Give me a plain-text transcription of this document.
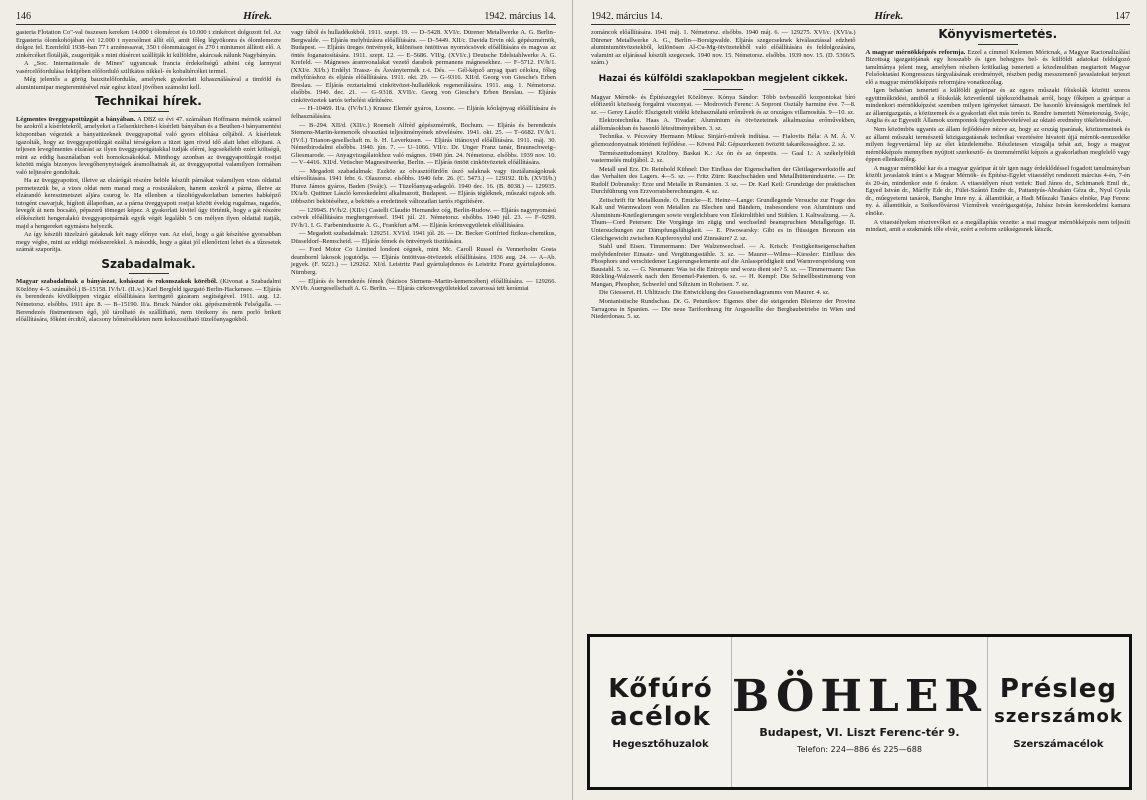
146	Hírek.	1942. március 14.

gasteria Flotation Co"-val összesen kereken 14.000 t ólomércet és 10.000 t zinkércet dolgozott fel. Az Ergasteria ólomkohójában évi 12.000 t nyersólmot állít elő, amit főleg légyökonra és ólomlemezre dolgoz fel. Ezenfelül 1938–ban 77 t arzénessavat, 350 t ólommázagot és 270 t miniumot állított elő. A zinkércéket flotálják, zsugorítják s mint dúsércet szállítják ki külföldre, akárcsak nálunk Nagybányán.

A „Soc. Internationale de Mines" ugyancsak francia érdekeltségű athéni cég larmyrai vasércelőfordulása feküjében előforduló szilikátos nikkel- és kobaltércéket termel.

Még jelentős a görög bauxitelőfordulás, amelynek gyakorlati kihasználásával a timföld és aluminiumipar megteremtésével már egész közel jövőben számolni kell.

Technikai hírek.

Légmentes üveggyapottűzgát a bányában. A DBZ ez évi 47. számában Hoffmann mérnök számol be azokról a kísérletekről, amelyeket a Gelsenkirchen-i kísérleti bányában és a Beuthen-i bányamentési központban végeztek a bányatüzeknek üveggyapottal való gyors elöltása céljából. A kísérletek igazolták, hogy az üveggyapottűzgát ezáltal térségeken a tüzet igen rövid idő alatt lehet elfojtani. A teljesen levegőmentes elzárást az ilyen üveggyapotgátakkal tudják elérni, legcsekélebb ezért költségű, mint az eddig használatban volt homokzsákokkal. Minthogy azonban az üveggyapottűzgát rostjai közötti mégis bizonyos levegőhenynyiségek áramolhatnak át, az üveggyapottal valamilyen formában való teljtesére gondoltak.

Ha az üveggyapottot, illetve az elzárógát részére belöle készült párnákat valamilyen vizes oldattal permetezzük be, a vizes oldat nem marad meg a rostszálakon, hanem azokról a párna, illetve az elzárandó keresztmetszet aljára csurog le. Ha ellenben a tűzoltógyakorlatban ismertes habképző tutogént csavarjuk, hígított állapotban, az a párna üveggyapott rostjai között évekig rugalmas, ragadós, levegőt át nem bocsátó, pépszerű tömeget képez. A gyakorlati kivitel úgy történik, hogy a gát részére előkészített hengeralakú üveggyapotpárnák egyik végét legalább 5 cm mélyen ilyen oldattal itatják, majd a hengereket egymásra helyezik.

Az így készült tüzelzáró gátaknak két nagy előnye van. Az első, hogy a gát készítése gyorsabban megy végbe, mint az eddigi módszerekkel. A második, hogy a gátat jól ellenőrizni lehet és a tűzesetek számát szaporítja.

Szabadalmak.

Magyar szabadalmak a bányászat, kohászat és rokonszakok köréből. (Kivonat a Szabadalmi Közlöny 4–5. számából.) B–15158. IV/h/1. (II./e.) Karl Bergfeld igazgató Berlin-Hackensee. — Eljárás és berendezés kívülképpen vízgáz előállítására keringető gázáram segítségével. 1911. aug. 12. Németorsz. elsőbbs. 1911 ápr. 8. — B–15190. II/a. Bruck Nándor oki. gépészmérnök Felsőgalla. — Berendezés füstmentesen égő, jól tárolható és szállítható, nem törékeny és nem porló brikett előállítására, főként ércdtól, alacsony hőmérsékleten nem kokszosítható tüzelőanyagokból.

vagy fából és hulladékokból. 1911. szept. 19. — D–5428. XVI/c. Dürener Metallwerke A. G. Berlin–Bergwalde. — Eljárás melyhúzásra előállítására. — D–5449. XII/c. Davida Ervin okl. gépészmérnök, Budapest. — Eljárás üreges öntvények, különösen öntöttvas nyomócsövek előállítására és magvas az öntés foganatosítására. 1911. szept. 12. — E–5686. VII/g. (XVI/c.) Deutsche Edelstahlwerke A. G. Krefeld. — Mágneses áramvonalakat vezető darabok permanens mágnesekhez. — F–5712. IV/h/1. (XXI/e. XI/b.) Erdélyi Trassz- és Ásványtermék r.-t. Dés. — Gél-képző anyag ipari célokra, főleg mélyfúráshoz és eljárás előállítására. 1911. okt. 29. — G–9316. XII/d. Georg von Giesche's Erben Breslau. — Eljárás reztartalmú cinkötvözet-hulladékok regenerálására. 1911. aug. 1. Németorsz. elsőbbs. 1940. dec. 21. — G–9318. XVII/c. Georg von Giesche's Erben Breslau. — Eljárás cinkötvözetek tartós terhelési sűrítésére.

— H–10469. II/a. (IV/h/1.) Krausz Elemér gyáros, Losonc. — Eljárás kőolajnyag előállítására és felhasználására.

— B–294. XII/d. (XII/c.) Roemeli Alfréd gépészmérnök, Bochum. — Eljárás és berendezés Siemens-Martin-kemencék olvasztási teljesítményének növelésére. 1941. okt. 25. — T–6682. IV/h/1. (IV/l.) Trianon-gesellschaft m. b. H. Leverkusen. — Eljárás titánoxyd előállítására. 1911. máj. 30. Németbirodalmi elsőbbs. 1940. jún. 7. — U–1066. VII/c. Dr. Unger Franz tanár, Braunschweig–Gliesmarode. — Anyagvizsgálatokhoz való mágnes. 1940 jún. 24. Németorsz. elsőbbs. 1939 nov. 10. — V–4416. XII/d. Vetischer Magnesitwerke, Berlin. — Eljárás öntött cinkötvözetek előállítására.

— Megadott szabadalmak: Eszköz az olvasztófürdőn úszó salaknak vagy tisztálanságoknak eltávolítására. 1941 febr. 6. Olaszorsz. elsőbbs. 1940 febr. 26. (C. 5473.) — 129192. II/h. (XVII/b.) Hurez Jámos gyáros, Baden (Svájc). — Tüzelőanyag-adagoló. 1940 dec. 16. (B. 8038.) — 129935. IX/a/b. Quittner László kereskedelmi alkalmazott, Budapest. — Eljárás tégléknek, műszaki rajzok stb. többszöri bekötéséhez, a bekötés a eredetinek változatlan tartós rögzítésére.

— 129945. IV/h/2. (XII/c) Castelli Claudio Hernandez cég, Berlin-Rudow. — Eljárás nagynyomású csövek előállítására meghengeréssel. 1941 júl. 21. Németorsz. elsőbbs. 1940 júl. 23. — F–9299. IV/h/1. I. G. Farbenindustrie A. G., Frankfurt a/M. — Eljárás krómvegyületek előállítására.

— Megadott szabadalmak: 129251. XVI/d. 1941 júl. 26. — Dr. Becker Gottfried fizikus-chemikus, Düsseldorf–Remscheid. — Eljárás fémek és öntvények tisztítására.

— Ford Motor Co Limited londoni cégnek, mint Mc. Caroll Russel és Vennerholm Gosta deambornl lakosok jogutódja. — Eljárás öntöttvas-ötvözetek előállítására. 1936 aug. 24. — A–Ab. jegyek. (F. 9221.) — 129262. XI/d. Leistritz Paul gyártulajdonos és Leistritz Franz gyártulajdonos. Nürnberg.

— Eljárás és berendezés fémek (bázisos Siemens–Martin-kemencében) előállítására. — 129266. XVI/b. Auergesellschaft A. G. Berlin. — Eljárás cirkonvegyületekkel zavarossá tett kerámiai

1942. március 14.	Hírek.	147

zománcok előállítására. 1941 máj. 1. Németorsz. elsőbbs. 1940 máj. 6. — 129275. XVI/c. (XVI/a.) Dürener Metallwerke A. G., Berlin—Borsigwalde. Eljárás szegecseknek kiválasztással edzhető aluminiumötvözetekből, különösen Al-Cu-Mg-ötvözetekből való előállítására és feldolgozására, valamint az eljárással készült szegecsek. 1940 nov. 15. Németorsz. elsőbbs. 1939 nov. 15. (D. 5366/5. szám.)

Hazai és külföldi szaklapokban megjelent cikkek.

Magyar Mérnök- és Építészegylet Közlönye. Kónya Sándor: Több tsvbeszélő kozpontokat bíró előfizetői közösség forgalmi viszonyai. — Modrovich Ferenc: A Soproni Osztály harmine éve. 7—8. sz. — Gerey László: Elszigetelt vidéki közhasználatú erőművek és az országos villamosítás. 9—10. sz.

Elektrotechnika. Haas A. Tivadar: Aluminium és ötvözeteinek alkalmazása erőművekben, alállomásokban és hasonló létesítményekben. 3. sz.

Technika. v. Pécsváry Hermann Miksa: Sinjáró-művek indítása. — Fialovits Béla: A M. Á. V. gőzmozdonyainak történeti fejlődése. — Kövesi Pál: Gépszerkezeti övözött takarékossághoz. 2. sz.

Természettudományi Közlöny. Baskai K.: Az ón és az ónpestis. — Gaal I.: A székelyföldi vastermelés multjából. 2. sz.

Metall und Erz. Dr. Reinhold Kühnel: Der Einfluss der Eigenschaften der Gleitlagerwerkstoffe auf das Verhalten des Lagers. 4—5. sz. — Fritz Zürn: Rauchschäden und Metallhüttenindustrie. — Dr. Rudolf Dobransky: Erze und Metalle in Rumänien. 3. sz. — Dr. Karl Keil: Grundzüge der praktischen Durchführung von Erzvorratsberechnungen. 4. sz.

Zeitschrift für Metallkunde. O. Emicke—E. Heinz—Lange: Grundlegende Versuche zur Frage des Kalt und Warmwalzen von Metallen zu Blechen und Bändern, insbesondere von Aluminium und Aluminium-Knetlegierungen sowie vergleichbare von Elektrolitblei und Stählen. I. Kaltwalzung. — A. Thum—Cord Petersen: Die Vorgänge im zügig und wechselnd beanspruchten Metallgefüge. II. Untersuchungen zur Dämpfungsfähigkeit. — E. Piwowarsky: Gibt es in flüssigen Bronzen ein Gleichgewicht zwischen Kupferoxydul und Zinnsäure? 2. sz.

Stahl und Eisen. Timmermann: Der Walzenwechsel. — A. Krisch: Festigkeitseigenschaften molybdenfreier Einsatz- und Vergütungsstähle. 3. sz. — Maurer—Wilms—Kiessler: Einfluss des Phosphors und verschiedener Legierungselemente auf die Anlassprödigkeit und Warmversprödung von Baustahl. 5. sz. — G. Neumann: Was ist die Entropie und wozu dient sie? 5. sz. — Timmermann: Das Rückling-Walzwerk nach den Broemel-Patenten. 6. sz. — H. Kempf: Die Schnellbestimmung von Mangan, Phosphor, Schwefel und Silizium in Roheisen. 7. sz.

Die Giesserei. H. Uhlitzsch: Die Entwicklung des Gusseisendiagramms von Maurer. 4. sz.

Montanistische Rundschau. Dr. G. Petunikov: Eigenes über die steigenden Bleierze der Provinz Tarragona in Spanien. — Die neue Tarifordnung für Angestellte der Bergbaubetriebe in Wien und Niederdonau. 5. sz.

Könyvismertetés.

A magyar mérnökképzés reformja. Ezzel a címmel Kelemen Móricnak, a Magyar Racionalizálási Bizottság igazgatójának egy hosszabb és igen behegyes bel- és külföldi adatokat feldolgozó tanulmánya jelent meg, amelyben részben kritikailag ismerteti a közelmultban megtartott Magyar Felsőoktatási Kongresszus tárgyalásának eredményét, részben pedig messzemenő javaslatokat terjeszt elő a magyar mérnökképzés reformjára vonatkozólag.

Igen behatóan ismerteti a külföldi gyáripar és az egyes műszaki főiskolák közötti szoros együttműködést, amiből a főiskolák közvetlenül tájékozódhatnak arról, hogy főképen a gyáripar a mindenkori mérnökképzést szemben milyen igényeket támaszt. De hasonló kívánságok merülnek fel az államigazgatás, a közüzemek és a gyakorlati élet más terén is. Rendre ismerteti Németország, Svájc, Anglia és az Egyesült Államok szempontok figyelembevételével az oktató eredmény tökéletesítését.

Nem közömbös ugyanis az állam fejlődésére nézve az, hogy az ország iparának, közüzemeinek és az állami műszaki természetű közigazgatásnak technikai vezetésére hivatott újjá mérnök-nemzedéke milyen fegyvertárral lép az élet küzdelemébe. Részletesen vizsgálja tehát azt, hogy a magyar mérnökképzés mennyiben nyújtott szerkesztő- és üzemmérnöki képzés a gyakorlatban megfelelő vagy éppen ellenkezőleg.

A magyar mérnökké kar és a magyar gyáripar át tér igen nagy érdeklődéssel fogadott tanulmányban közölt javaslatok iránt s a Magyar Mérnök- és Építész-Egylet vitaestélyt rendezett március 4-én, 7-én és 20-án, mindenkor este 6 órakor. A vitaestélyen részt vettek: Bud János dr., Schimanek Emil dr., Egyed István dr., Márffy Ede dr., Fülei-Szántó Endre dr., Pattantyús-Ábrahám Géza dr., Nyul Gyula dr., műegyetemi tanárok, Banghe Imre ny. á. államtitkár, a Hadi Műszaki Tanács elnöke, Pap Ferenc ny. á. államtitkár, a Székesfővárosi Vízművek vezérigazgatója, Juhász István kereskedelmi kamara elnöke.

A vitaestélyeken résztvevőket ez a megállapítás vezette: a mai magyar mérnökképzés nem teljesíti mindazt, amit a szakmánk tőle elvár, ezért a reform szükségesnek látszik.

Kőfúró
acélok
Hegesztőhuzalok
BÖHLER
Budapest, VI. Liszt Ferenc-tér 9.
Telefon: 224—886 és 225—688
Présleg
szerszámok
Szerszámacélok
